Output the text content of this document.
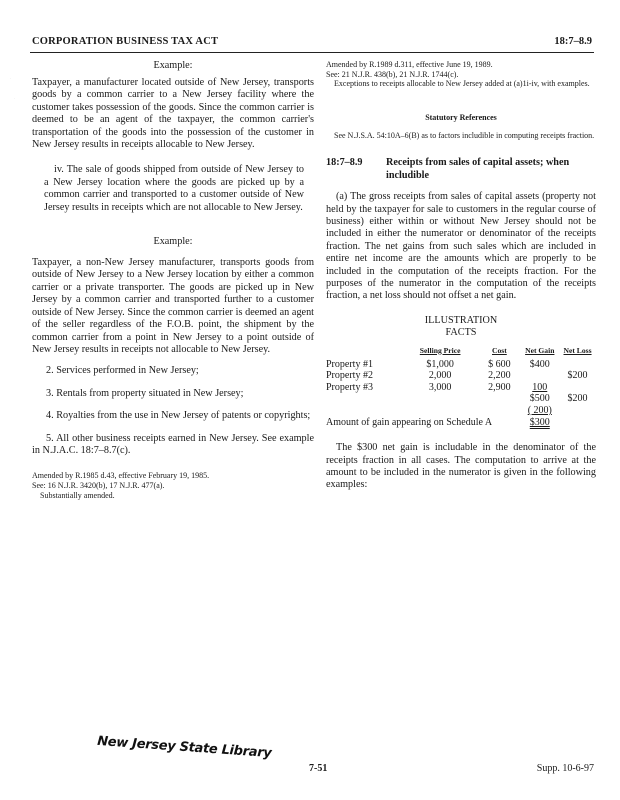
CORPORATION BUSINESS TAX ACT	18:7–8.9

Example:

Taxpayer, a manufacturer located outside of New Jersey, transports goods by a common carrier to a New Jersey facility where the customer takes possession of the goods. Since the common carrier is deemed to be an agent of the taxpayer, the common carrier's transportation of the goods into the possession of the customer in New Jersey results in receipts allocable to New Jersey.

iv. The sale of goods shipped from outside of New Jersey to a New Jersey location where the goods are picked up by a common carrier and transported to a customer outside of New Jersey results in receipts which are not allocable to New Jersey.

Example:

Taxpayer, a non-New Jersey manufacturer, transports goods from outside of New Jersey to a New Jersey location by either a common carrier or a private transporter. The goods are picked up in New Jersey by a common carrier and transported further to a customer outside of New Jersey. Since the common carrier is deemed an agent of the seller regardless of the F.O.B. point, the shipment by the common carrier from a point in New Jersey to a point outside of New Jersey results in receipts not allocable to New Jersey.

2. Services performed in New Jersey;

3. Rentals from property situated in New Jersey;

4. Royalties from the use in New Jersey of patents or copyrights;

5. All other business receipts earned in New Jersey. See example in N.J.A.C. 18:7–8.7(c).

Amended by R.1985 d.43, effective February 19, 1985.

See: 16 N.J.R. 3420(b), 17 N.J.R. 477(a).

Substantially amended.

Amended by R.1989 d.311, effective June 19, 1989.

See: 21 N.J.R. 438(b), 21 N.J.R. 1744(c).

Exceptions to receipts allocable to New Jersey added at (a)1i-iv, with examples.

Statutory References

See N.J.S.A. 54:10A–6(B) as to factors includible in computing receipts fraction.

18:7–8.9	Receipts from sales of capital assets; when includible

(a) The gross receipts from sales of capital assets (property not held by the taxpayer for sale to customers in the regular course of business) either within or without New Jersey should not be included in either the numerator or denominator of the receipts fraction. The net gains from such sales which are included in entire net income are the amounts which are properly to be included in the computation of the receipts fraction. For the purposes of the numerator in the computation of the receipts fraction, a net loss should not offset a net gain.

ILLUSTRATION

FACTS

	Selling Price	Cost	Net Gain	Net Loss
Property #1	$1,000	$ 600	$400	
Property #2	2,000	2,200		$200
Property #3	3,000	2,900	100	
			$500	$200
			( 200)	
Amount of gain appearing on Schedule A			$300	

The $300 net gain is includable in the denominator of the receipts fraction in all cases. The computation to arrive at the amount to be included in the numerator is given in the following examples:

·
·
New Jersey State Library
7-51	Supp. 10-6-97
